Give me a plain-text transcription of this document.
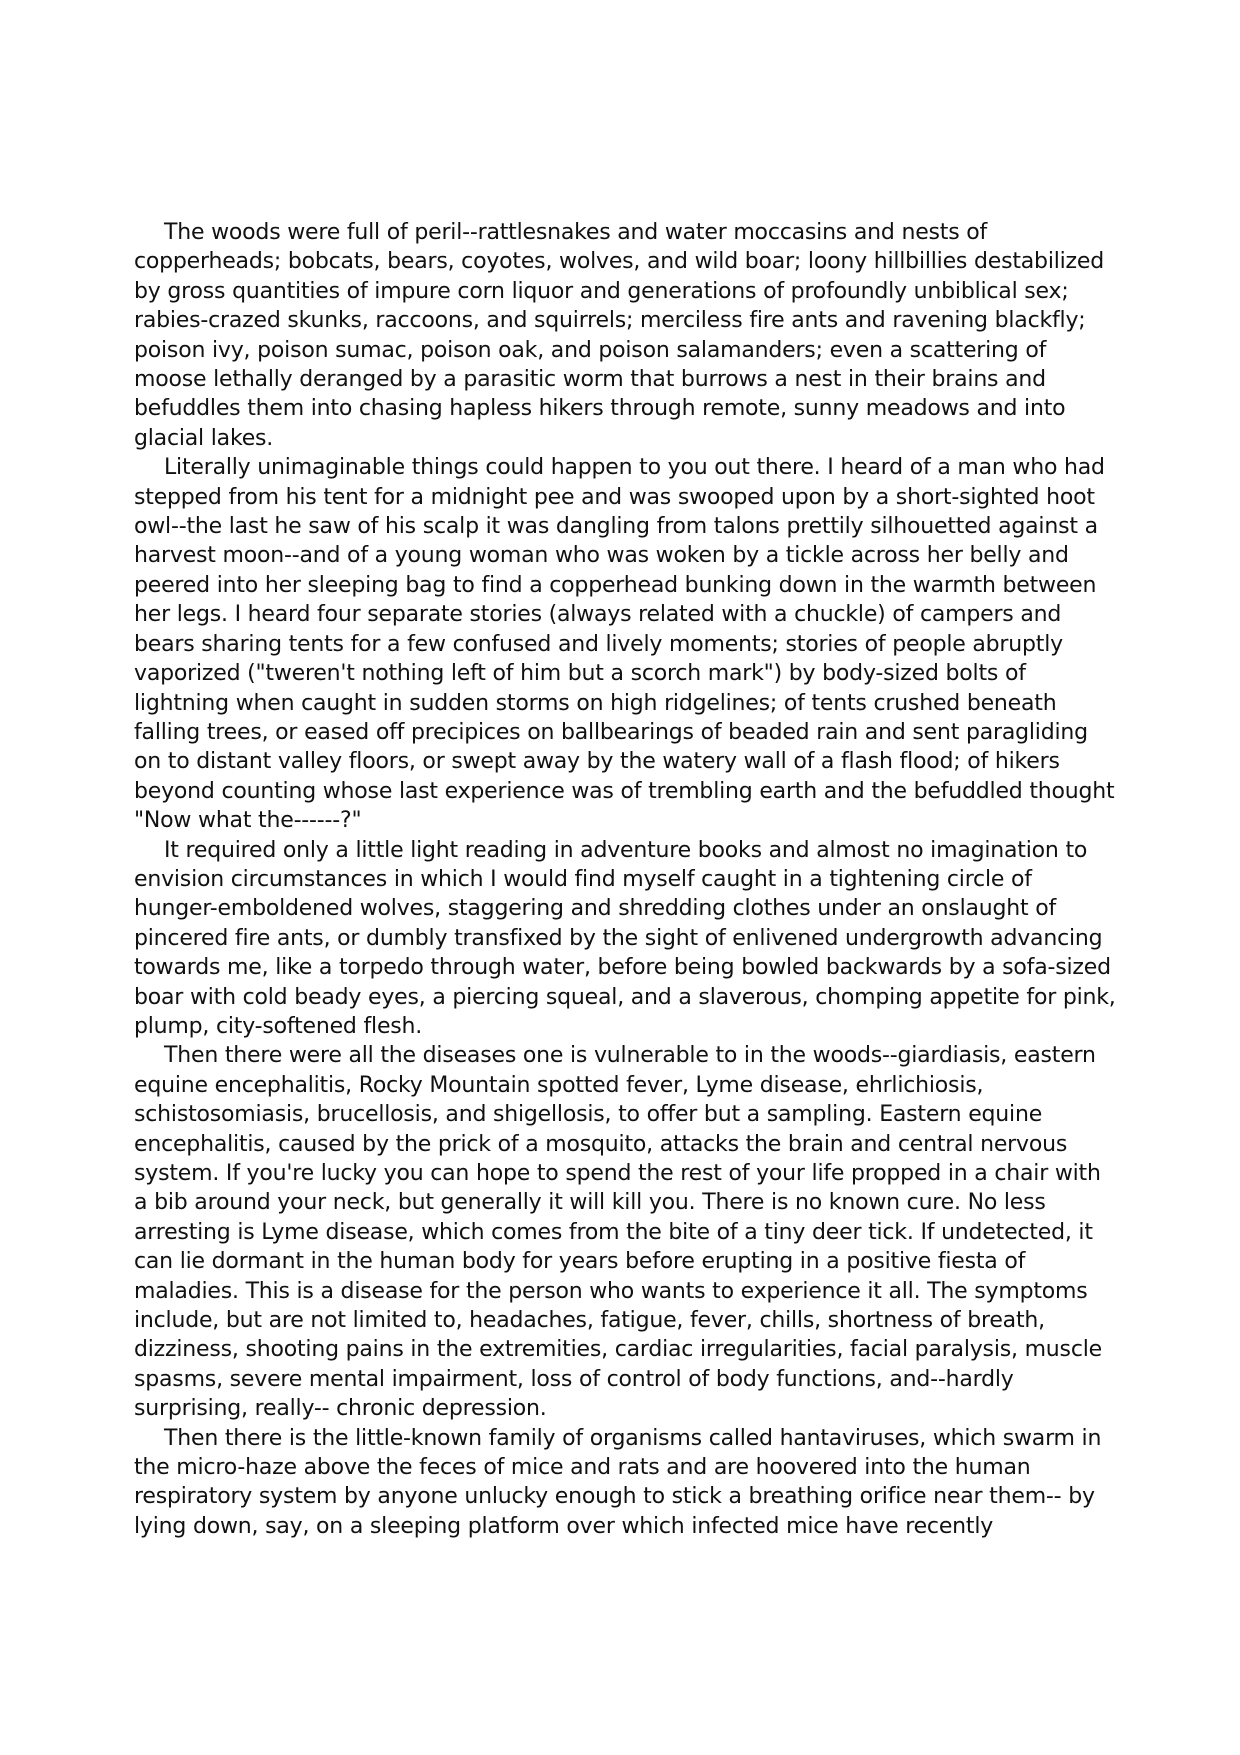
The woods were full of peril--rattlesnakes and water moccasins and nests of
copperheads; bobcats, bears, coyotes, wolves, and wild boar; loony hillbillies destabilized
by gross quantities of impure corn liquor and generations of profoundly unbiblical sex;
rabies-crazed skunks, raccoons, and squirrels; merciless fire ants and ravening blackfly;
poison ivy, poison sumac, poison oak, and poison salamanders; even a scattering of
moose lethally deranged by a parasitic worm that burrows a nest in their brains and
befuddles them into chasing hapless hikers through remote, sunny meadows and into
glacial lakes.

Literally unimaginable things could happen to you out there. I heard of a man who had
stepped from his tent for a midnight pee and was swooped upon by a short-sighted hoot
owl--the last he saw of his scalp it was dangling from talons prettily silhouetted against a
harvest moon--and of a young woman who was woken by a tickle across her belly and
peered into her sleeping bag to find a copperhead bunking down in the warmth between
her legs. I heard four separate stories (always related with a chuckle) of campers and
bears sharing tents for a few confused and lively moments; stories of people abruptly
vaporized ("tweren't nothing left of him but a scorch mark") by body-sized bolts of
lightning when caught in sudden storms on high ridgelines; of tents crushed beneath
falling trees, or eased off precipices on ballbearings of beaded rain and sent paragliding
on to distant valley floors, or swept away by the watery wall of a flash flood; of hikers
beyond counting whose last experience was of trembling earth and the befuddled thought
"Now what the------?"

It required only a little light reading in adventure books and almost no imagination to
envision circumstances in which I would find myself caught in a tightening circle of
hunger-emboldened wolves, staggering and shredding clothes under an onslaught of
pincered fire ants, or dumbly transfixed by the sight of enlivened undergrowth advancing
towards me, like a torpedo through water, before being bowled backwards by a sofa-sized
boar with cold beady eyes, a piercing squeal, and a slaverous, chomping appetite for pink,
plump, city-softened flesh.

Then there were all the diseases one is vulnerable to in the woods--giardiasis, eastern
equine encephalitis, Rocky Mountain spotted fever, Lyme disease, ehrlichiosis,
schistosomiasis, brucellosis, and shigellosis, to offer but a sampling. Eastern equine
encephalitis, caused by the prick of a mosquito, attacks the brain and central nervous
system. If you're lucky you can hope to spend the rest of your life propped in a chair with
a bib around your neck, but generally it will kill you. There is no known cure. No less
arresting is Lyme disease, which comes from the bite of a tiny deer tick. If undetected, it
can lie dormant in the human body for years before erupting in a positive fiesta of
maladies. This is a disease for the person who wants to experience it all. The symptoms
include, but are not limited to, headaches, fatigue, fever, chills, shortness of breath,
dizziness, shooting pains in the extremities, cardiac irregularities, facial paralysis, muscle
spasms, severe mental impairment, loss of control of body functions, and--hardly
surprising, really-- chronic depression.

Then there is the little-known family of organisms called hantaviruses, which swarm in
the micro-haze above the feces of mice and rats and are hoovered into the human
respiratory system by anyone unlucky enough to stick a breathing orifice near them-- by
lying down, say, on a sleeping platform over which infected mice have recently
